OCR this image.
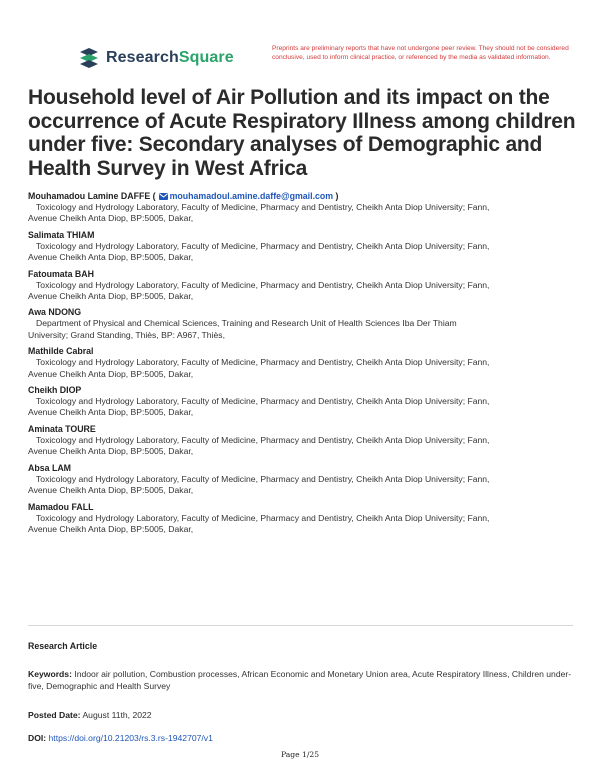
ResearchSquare
Preprints are preliminary reports that have not undergone peer review. They should not be considered conclusive, used to inform clinical practice, or referenced by the media as validated information.
Household level of Air Pollution and its impact on the occurrence of Acute Respiratory Illness among children under five: Secondary analyses of Demographic and Health Survey in West Africa
Mouhamadou Lamine DAFFE ( mouhamadoul.amine.daffe@gmail.com )
Toxicology and Hydrology Laboratory, Faculty of Medicine, Pharmacy and Dentistry, Cheikh Anta Diop University; Fann,
Avenue Cheikh Anta Diop, BP:5005, Dakar,
Salimata THIAM
Toxicology and Hydrology Laboratory, Faculty of Medicine, Pharmacy and Dentistry, Cheikh Anta Diop University; Fann,
Avenue Cheikh Anta Diop, BP:5005, Dakar,
Fatoumata BAH
Toxicology and Hydrology Laboratory, Faculty of Medicine, Pharmacy and Dentistry, Cheikh Anta Diop University; Fann,
Avenue Cheikh Anta Diop, BP:5005, Dakar,
Awa NDONG
Department of Physical and Chemical Sciences, Training and Research Unit of Health Sciences Iba Der Thiam
University; Grand Standing, Thiès, BP: A967, Thiès,
Mathilde Cabral
Toxicology and Hydrology Laboratory, Faculty of Medicine, Pharmacy and Dentistry, Cheikh Anta Diop University; Fann,
Avenue Cheikh Anta Diop, BP:5005, Dakar,
Cheikh DIOP
Toxicology and Hydrology Laboratory, Faculty of Medicine, Pharmacy and Dentistry, Cheikh Anta Diop University; Fann,
Avenue Cheikh Anta Diop, BP:5005, Dakar,
Aminata TOURE
Toxicology and Hydrology Laboratory, Faculty of Medicine, Pharmacy and Dentistry, Cheikh Anta Diop University; Fann,
Avenue Cheikh Anta Diop, BP:5005, Dakar,
Absa LAM
Toxicology and Hydrology Laboratory, Faculty of Medicine, Pharmacy and Dentistry, Cheikh Anta Diop University; Fann,
Avenue Cheikh Anta Diop, BP:5005, Dakar,
Mamadou FALL
Toxicology and Hydrology Laboratory, Faculty of Medicine, Pharmacy and Dentistry, Cheikh Anta Diop University; Fann,
Avenue Cheikh Anta Diop, BP:5005, Dakar,
Research Article
Keywords: Indoor air pollution, Combustion processes, African Economic and Monetary Union area, Acute Respiratory Illness, Children under-five, Demographic and Health Survey
Posted Date: August 11th, 2022
DOI: https://doi.org/10.21203/rs.3.rs-1942707/v1
Page 1/25
